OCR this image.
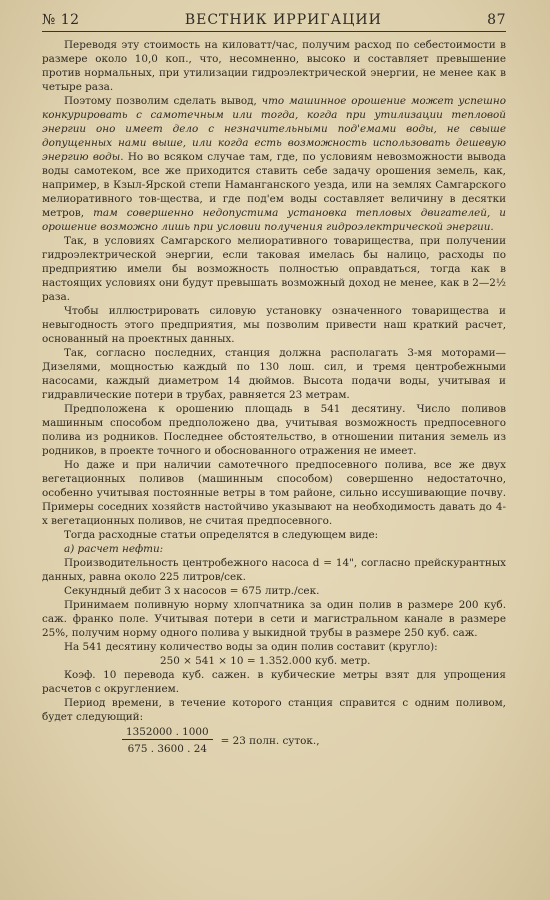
№ 12	ВЕСТНИК ИРРИГАЦИИ	87

Переводя эту стоимость на киловатт/час, получим расход по себестоимости в размере около 10,0 коп., что, несомненно, высоко и составляет превышение против нормальных, при утилизации гидроэлектрической энергии, не менее как в четыре раза.

Поэтому позволим сделать вывод, что машинное орошение может успешно конкурировать с самотечным или тогда, когда при утилизации тепловой энергии оно имеет дело с незначительными под'емами воды, не свыше допущенных нами выше, или когда есть возможность использовать дешевую энергию воды. Но во всяком случае там, где, по условиям невозможности вывода воды самотеком, все же приходится ставить себе задачу орошения земель, как, например, в Кзыл-Ярской степи Наманганского уезда, или на землях Самгарского мелиоративного тов-щества, и где под'ем воды составляет величину в десятки метров, там совершенно недопустима установка тепловых двигателей, и орошение возможно лишь при условии получения гидроэлектрической энергии.

Так, в условиях Самгарского мелиоративного товарищества, при получении гидроэлектрической энергии, если таковая имелась бы налицо, расходы по предприятию имели бы возможность полностью оправдаться, тогда как в настоящих условиях они будут превышать возможный доход не менее, как в 2—2½ раза.

Чтобы иллюстрировать силовую установку означенного товарищества и невыгодность этого предприятия, мы позволим привести наш краткий расчет, основанный на проектных данных.

Так, согласно последних, станция должна располагать 3-мя моторами—Дизелями, мощностью каждый по 130 лош. сил, и тремя центробежными насосами, каждый диаметром 14 дюймов. Высота подачи воды, учитывая и гидравлические потери в трубах, равняется 23 метрам.

Предположена к орошению площадь в 541 десятину. Число поливов машинным способом предположено два, учитывая возможность предпосевного полива из родников. Последнее обстоятельство, в отношении питания земель из родников, в проекте точного и обоснованного отражения не имеет.

Но даже и при наличии самотечного предпосевного полива, все же двух вегетационных поливов (машинным способом) совершенно недостаточно, особенно учитывая постоянные ветры в том районе, сильно иссушивающие почву. Примеры соседних хозяйств настойчиво указывают на необходимость давать до 4-х вегетационных поливов, не считая предпосевного.

Тогда расходные статьи определятся в следующем виде:

а) расчет нефти:

Производительность центробежного насоса d = 14", согласно прейскурантных данных, равна около 225 литров/сек.

Секундный дебит 3 х насосов = 675 литр./сек.

Принимаем поливную норму хлопчатника за один полив в размере 200 куб. саж. франко поле. Учитывая потери в сети и магистральном канале в размере 25%, получим норму одного полива у выкидной трубы в размере 250 куб. саж.

На 541 десятину количество воды за один полив составит (кругло):

250 × 541 × 10 = 1.352.000 куб. метр.

Коэф. 10 перевода куб. сажен. в кубические метры взят для упрощения расчетов с округлением.

Период времени, в течение которого станция справится с одним поливом, будет следующий:

$\frac{1352000 . 1000}{675 . 3600 . 24} = 23$ полн. суток.,
